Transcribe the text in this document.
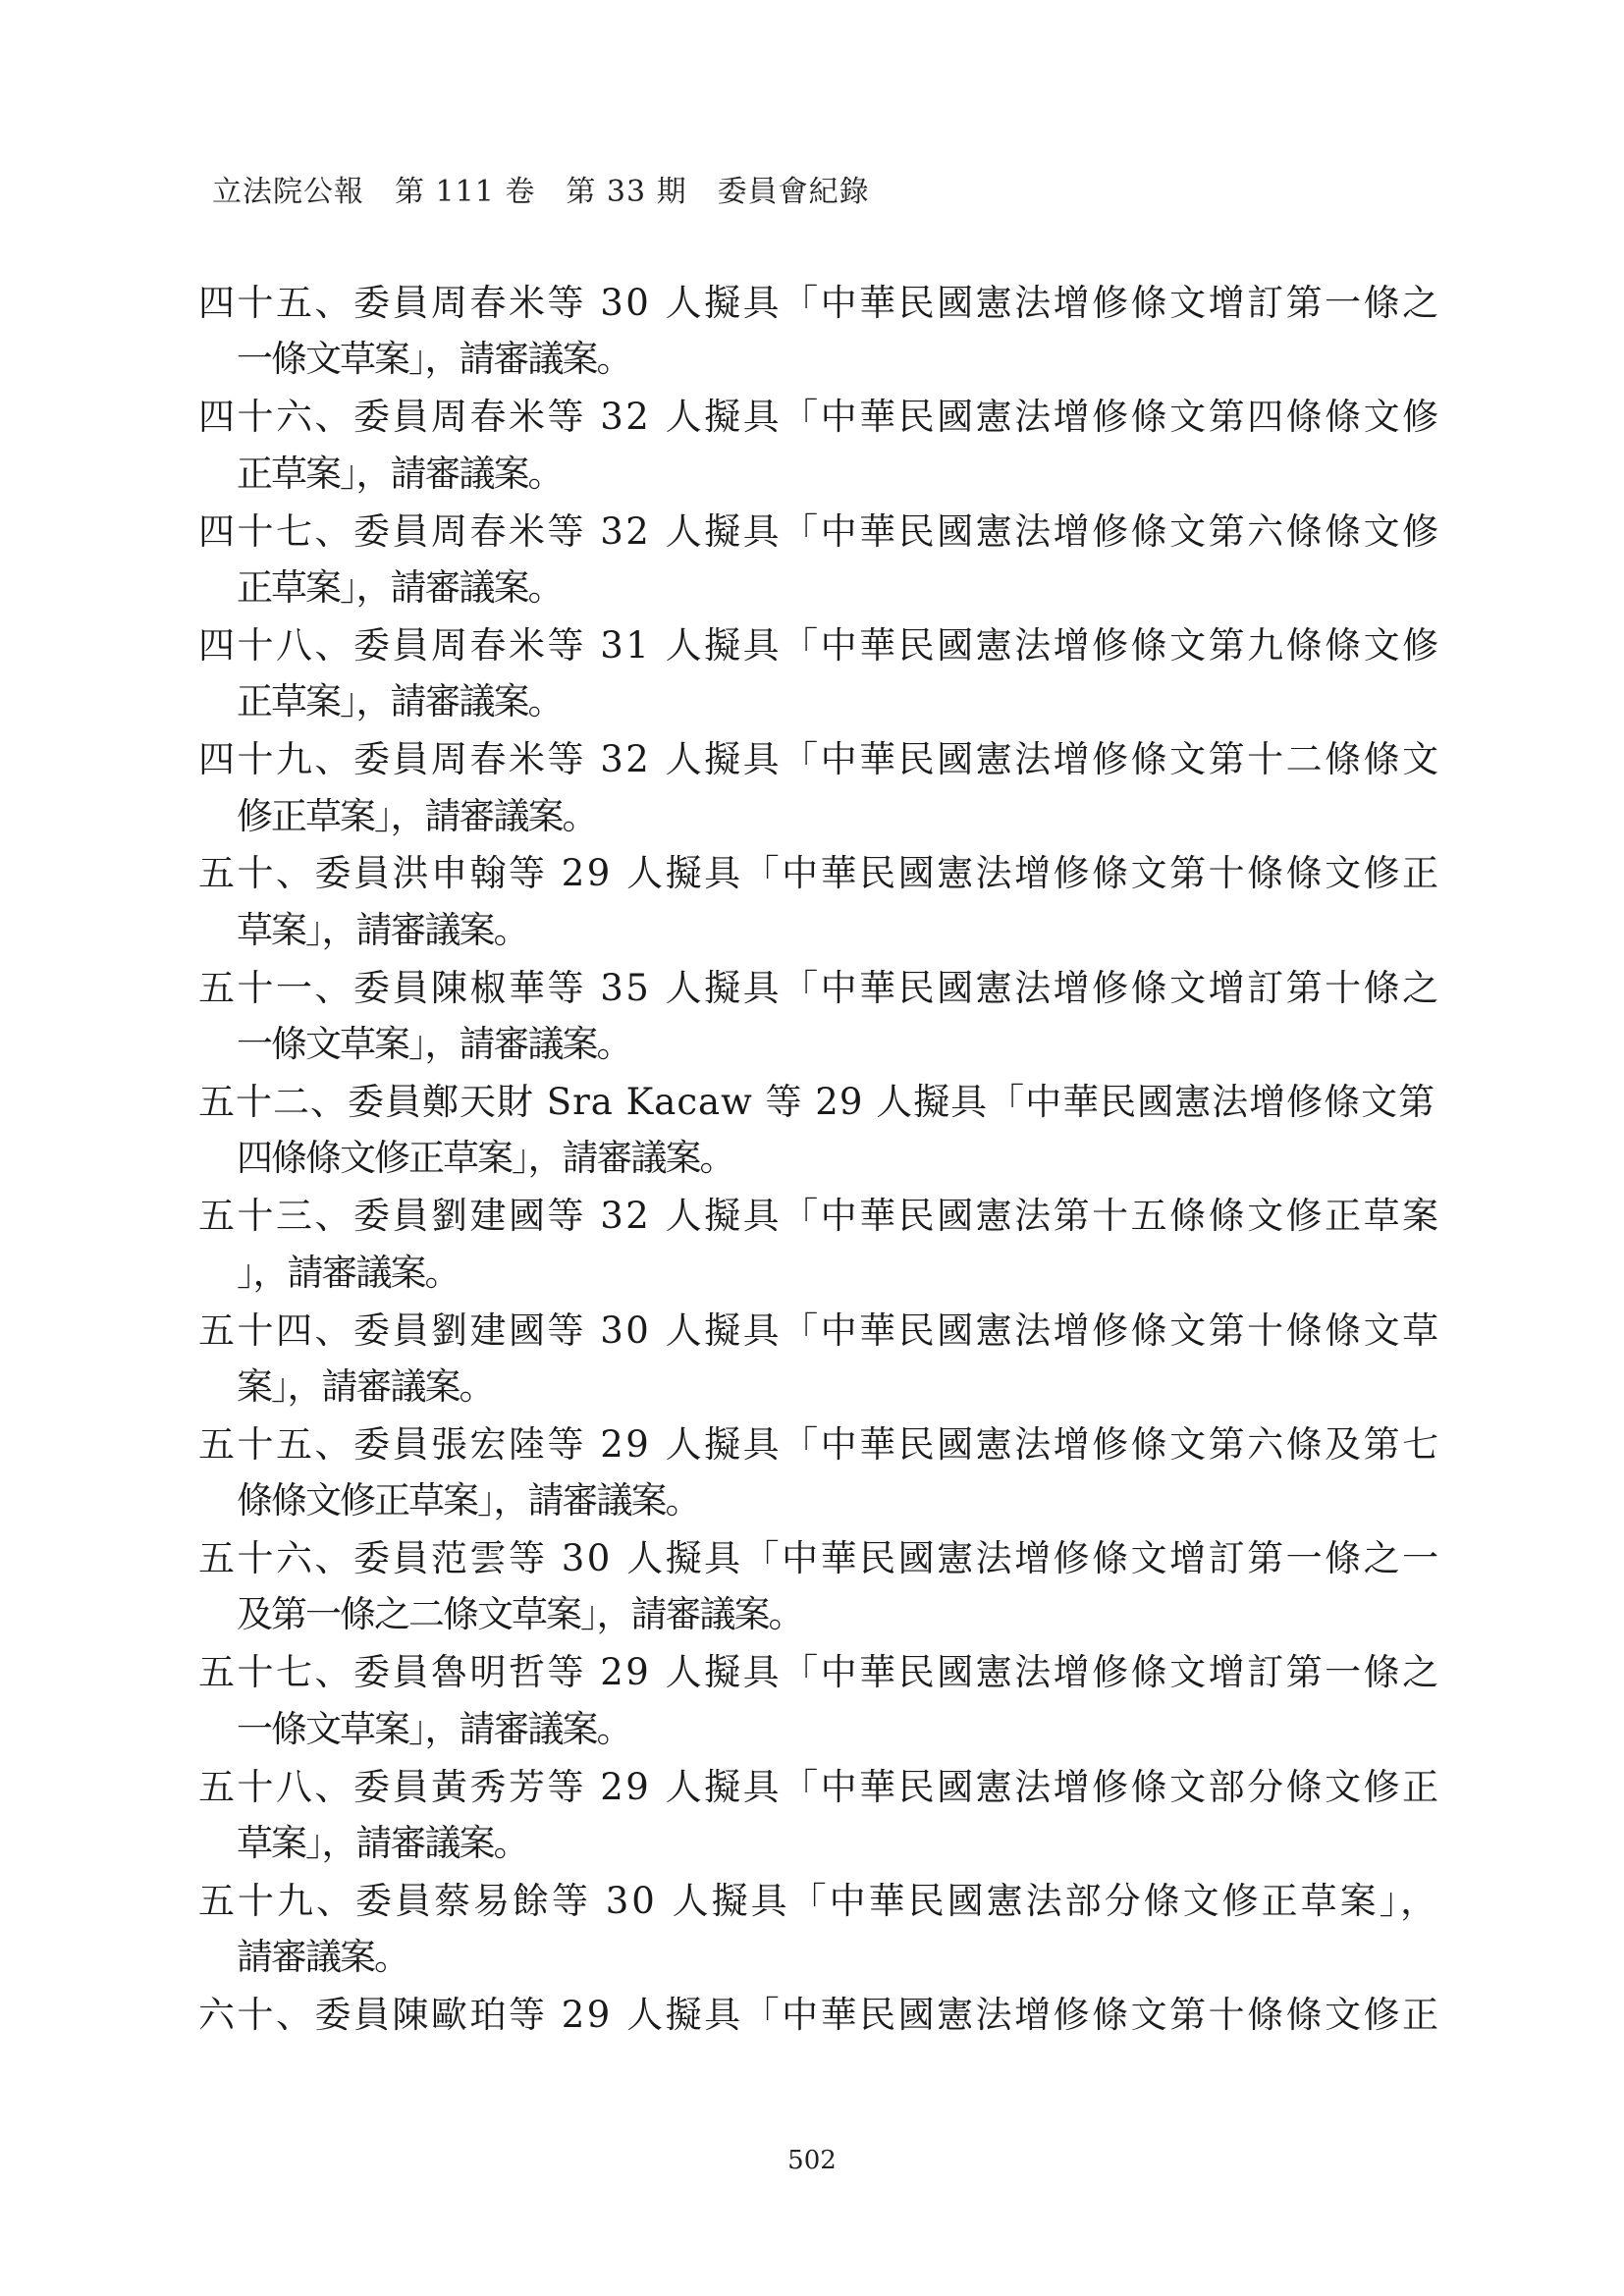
立法院公報　第 111 卷　第 33 期　委員會紀錄
四十五、委員周春米等 30 人擬具「中華民國憲法增修條文增訂第一條之
一條文草案」，請審議案。
四十六、委員周春米等 32 人擬具「中華民國憲法增修條文第四條條文修
正草案」，請審議案。
四十七、委員周春米等 32 人擬具「中華民國憲法增修條文第六條條文修
正草案」，請審議案。
四十八、委員周春米等 31 人擬具「中華民國憲法增修條文第九條條文修
正草案」，請審議案。
四十九、委員周春米等 32 人擬具「中華民國憲法增修條文第十二條條文
修正草案」，請審議案。
五十、委員洪申翰等 29 人擬具「中華民國憲法增修條文第十條條文修正
草案」，請審議案。
五十一、委員陳椒華等 35 人擬具「中華民國憲法增修條文增訂第十條之
一條文草案」，請審議案。
五十二、委員鄭天財 Sra Kacaw 等 29 人擬具「中華民國憲法增修條文第
四條條文修正草案」，請審議案。
五十三、委員劉建國等 32 人擬具「中華民國憲法第十五條條文修正草案
」，請審議案。
五十四、委員劉建國等 30 人擬具「中華民國憲法增修條文第十條條文草
案」，請審議案。
五十五、委員張宏陸等 29 人擬具「中華民國憲法增修條文第六條及第七
條條文修正草案」，請審議案。
五十六、委員范雲等 30 人擬具「中華民國憲法增修條文增訂第一條之一
及第一條之二條文草案」，請審議案。
五十七、委員魯明哲等 29 人擬具「中華民國憲法增修條文增訂第一條之
一條文草案」，請審議案。
五十八、委員黃秀芳等 29 人擬具「中華民國憲法增修條文部分條文修正
草案」，請審議案。
五十九、委員蔡易餘等 30 人擬具「中華民國憲法部分條文修正草案」，
請審議案。
六十、委員陳歐珀等 29 人擬具「中華民國憲法增修條文第十條條文修正
502
